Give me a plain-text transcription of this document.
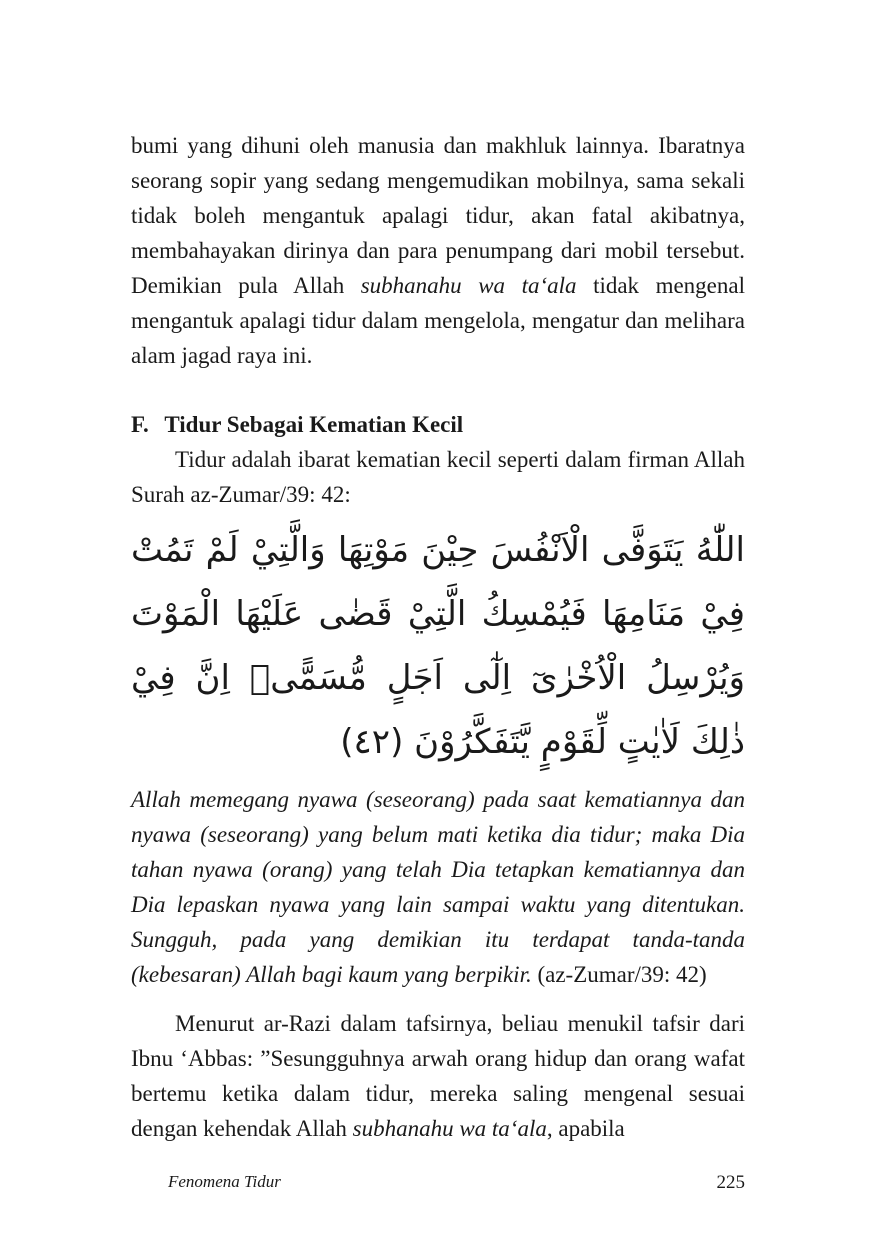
bumi yang dihuni oleh manusia dan makhluk lainnya. Ibaratnya seorang sopir yang sedang mengemudikan mobilnya, sama sekali tidak boleh mengantuk apalagi tidur, akan fatal akibatnya, membahayakan dirinya dan para penumpang dari mobil tersebut. Demikian pula Allah subhanahu wa ta‘ala tidak mengenal mengantuk apalagi tidur dalam mengelola, mengatur dan melihara alam jagad raya ini.

F. Tidur Sebagai Kematian Kecil

Tidur adalah ibarat kematian kecil seperti dalam firman Allah Surah az-Zumar/39: 42:

اللّٰهُ يَتَوَفَّى الْاَنْفُسَ حِيْنَ مَوْتِهَا وَالَّتِيْ لَمْ تَمُتْ فِيْ مَنَامِهَا فَيُمْسِكُ الَّتِيْ قَضٰى عَلَيْهَا الْمَوْتَ وَيُرْسِلُ الْاُخْرٰىٓ اِلٰٓى اَجَلٍ مُّسَمًّىۗ اِنَّ فِيْ ذٰلِكَ لَاٰيٰتٍ لِّقَوْمٍ يَّتَفَكَّرُوْنَ (٤٢)

Allah memegang nyawa (seseorang) pada saat kematiannya dan nyawa (seseorang) yang belum mati ketika dia tidur; maka Dia tahan nyawa (orang) yang telah Dia tetapkan kematiannya dan Dia lepaskan nyawa yang lain sampai waktu yang ditentukan. Sungguh, pada yang demikian itu terdapat tanda-tanda (kebesaran) Allah bagi kaum yang berpikir. (az-Zumar/39: 42)

Menurut ar-Razi dalam tafsirnya, beliau menukil tafsir dari Ibnu ‘Abbas: ”Sesungguhnya arwah orang hidup dan orang wafat bertemu ketika dalam tidur, mereka saling mengenal sesuai dengan kehendak Allah subhanahu wa ta‘ala, apabila

Fenomena Tidur	225
